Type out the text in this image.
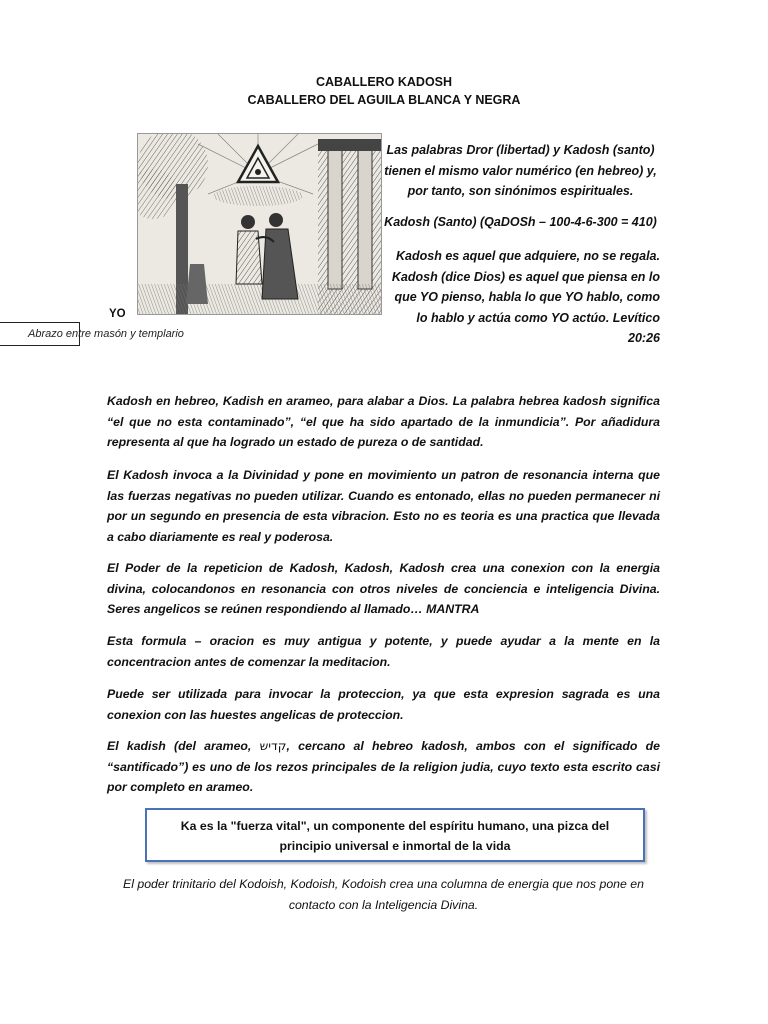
CABALLERO KADOSH
CABALLERO DEL AGUILA BLANCA Y NEGRA
YO
Abrazo entre masón y templario

Las palabras Dror (libertad) y Kadosh (santo) tienen el mismo valor numérico (en hebreo) y, por tanto, son sinónimos espirituales.

Kadosh (Santo) (QaDOSh – 100-4-6-300 = 410)

Kadosh es aquel que adquiere, no se regala. Kadosh (dice Dios) es aquel que piensa en lo que YO pienso, habla lo que YO hablo, como lo hablo y actúa como YO actúo. Levítico 20:26

Kadosh en hebreo, Kadish en arameo, para alabar a Dios. La palabra hebrea kadosh significa “el que no esta contaminado”, “el que ha sido apartado de la inmundicia”. Por añadidura representa al que ha logrado un estado de pureza o de santidad.
El Kadosh invoca a la Divinidad y pone en movimiento un patron de resonancia interna que las fuerzas negativas no pueden utilizar. Cuando es entonado, ellas no pueden permanecer ni por un segundo en presencia de esta vibracion. Esto no es teoria es una practica que llevada a cabo diariamente es real y poderosa.
El Poder de la repeticion de Kadosh, Kadosh, Kadosh crea una conexion con la energia divina, colocandonos en resonancia con otros niveles de conciencia e inteligencia Divina. Seres angelicos se reúnen respondiendo al llamado… MANTRA
Esta formula – oracion es muy antigua y potente, y puede ayudar a la mente en la concentracion antes de comenzar la meditacion.
Puede ser utilizada para invocar la proteccion, ya que esta expresion sagrada es una conexion con las huestes angelicas de proteccion.
El kadish (del arameo, קדיש, cercano al hebreo kadosh, ambos con el significado de “santificado”) es uno de los rezos principales de la religion judia, cuyo texto esta escrito casi por completo en arameo.
Ka es la "fuerza vital", un componente del espíritu humano, una pizca del principio universal e inmortal de la vida
El poder trinitario del Kodoish, Kodoish, Kodoish crea una columna de energia que nos pone en contacto con la Inteligencia Divina.
